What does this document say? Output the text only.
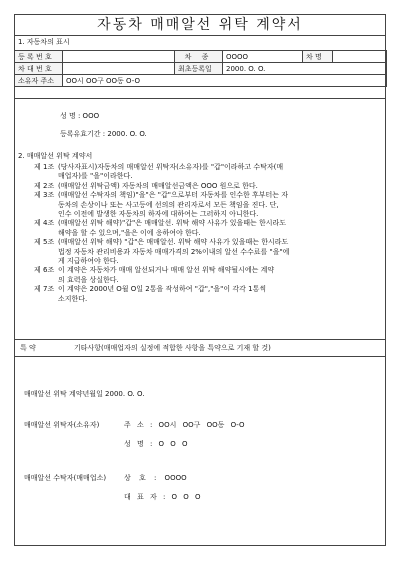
자동차 매매알선 위탁 계약서
1. 자동차의 표시
등 록 번 호		차 종	OOOO	차 명	
차 대 번 호		최초등록일	2000. O. O.		
소유자 주소	OO시 OO구 OO동 O-O				
성 명 : OOO
등록유효기간 : 2000. O. O.
2. 매매알선 위탁 계약서
제 1조 (당사자표시)자동차의 매매알선 위탁자(소유자)를 "갑"이라하고 수탁자(매
매업자)를 "을"이라한다.
제 2조 (매매알선 위탁금액) 자동차의 매매알선금액은 OOO 원으로 한다.
제 3조 (매매알선 수탁자의 책임)"을"은 "갑"으로부터 자동차를 인수한 후부터는 자
동차의 손상이나 또는 사고등에 선의의 관리자로서 모든 책임을 진다. 단,
인수 이전에 발생한 자동차의 하자에 대하여는 그러하지 아니한다.
제 4조 (매매알선 위탁 해약)"갑"은 매매알선. 위탁 해약 사유가 있을때는 한시라도
해약을 할 수 있으며,"을은 이에 응하여야 한다.
제 5조 (매매알선 위탁 해약) "갑"은 매매알선. 위탁 해약 사유가 있을때는 한시라도
법정 자동차 관리비용과 자동차 매매가격의 2%이내의 알선 수수료를 "을"에
게 지급하여야 한다.
제 6조 이 계약은 자동차가 매매 알선되거나 매매 알선 위탁 해약될시에는 계약
의 효력을 상실한다.
제 7조 이 계약은 2000년 O월 O일 2통을 작성하여 "갑","을"이 각각 1통씩
소지한다.
특 약	기타사항(매매업자의 실정에 적합한 사항을 특약으로 기재 할 것)
매매알선 위탁 계약년월일 2000. O. O.
매매알선 위탁자(소유자)	주 소 : OO시 OO구 OO동 O-O
성 명 : O O O
매매알선 수탁자(매매업소)	상 호 : OOOO
대 표 자 : O O O
